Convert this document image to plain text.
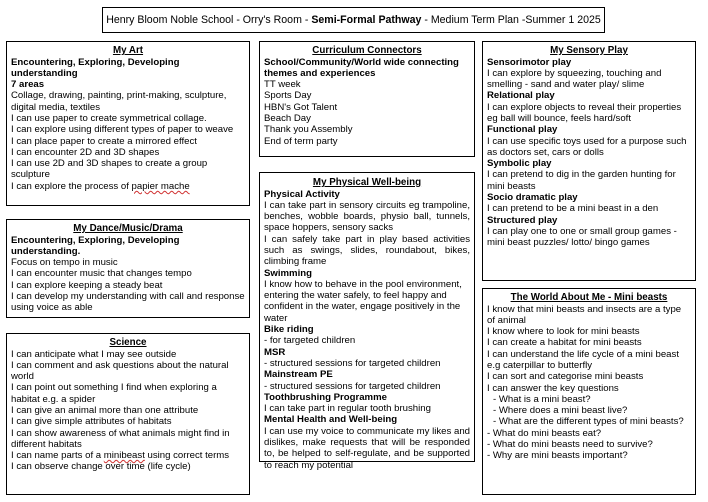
Henry Bloom Noble School - Orry's Room - Semi-Formal Pathway - Medium Term Plan -Summer 1 2025
My Art
Encountering, Exploring, Developing understanding
7 areas
Collage, drawing, painting, print-making, sculpture, digital media, textiles
I can use paper to create symmetrical collage.
I can explore using different types of paper to weave
I can place paper to create a mirrored effect
I can encounter 2D and 3D shapes
I can use 2D and 3D shapes to create a group sculpture
I can explore the process of papier mache
My Dance/Music/Drama
Encountering, Exploring, Developing understanding.
Focus on tempo in music
I can encounter music that changes tempo
I can explore keeping a steady beat
I can develop my understanding with call and response using voice as able
Science
I can anticipate what I may see outside
I can comment and ask questions about the natural world
I can point out something I find when exploring a habitat e.g. a spider
I can give an animal more than one attribute
I can give simple attributes of habitats
I can show awareness of what animals might find in different habitats
I can name parts of a minibeast using correct terms
I can observe change over time (life cycle)
Curriculum Connectors
School/Community/World wide connecting themes and experiences
TT week
Sports Day
HBN's Got Talent
Beach Day
Thank you Assembly
End of term party
My Physical Well-being
Physical Activity
I can take part in sensory circuits eg trampoline, benches, wobble boards, physio ball, tunnels, space hoppers, sensory sacks
I can safely take part in play based activities such as swings, slides, roundabout, bikes, climbing frame
Swimming
I know how to behave in the pool environment, entering the water safely, to feel happy and confident in the water, engage positively in the water
Bike riding
- for targeted children
MSR
- structured sessions for targeted children
Mainstream PE
- structured sessions for targeted children
Toothbrushing Programme
I can take part in regular tooth brushing
Mental Health and Well-being
I can use my voice to communicate my likes and dislikes, make requests that will be responded to, be helped to self-regulate, and be supported to reach my potential
My Sensory Play
Sensorimotor play
I can explore by squeezing, touching and smelling - sand and water play/ slime
Relational play
I can explore objects to reveal their properties eg ball will bounce, feels hard/soft
Functional play
I can use specific toys used for a purpose such as doctors set, cars or dolls
Symbolic play
I can pretend to dig in the garden hunting for mini beasts
Socio dramatic play
I can pretend to be a mini beast in a den
Structured play
I can play one to one or small group games - mini beast puzzles/ lotto/ bingo games
The World About Me - Mini beasts
I know that mini beasts and insects are a type of animal
I know where to look for mini beasts
I can create a habitat for mini beasts
I can understand the life cycle of a mini beast e.g caterpillar to butterfly
I can sort and categorise mini beasts
I can answer the key questions
- What is a mini beast?
- Where does a mini beast live?
- What are the different types of mini beasts?
- What do mini beasts eat?
- What do mini beasts need to survive?
- Why are mini beasts important?
